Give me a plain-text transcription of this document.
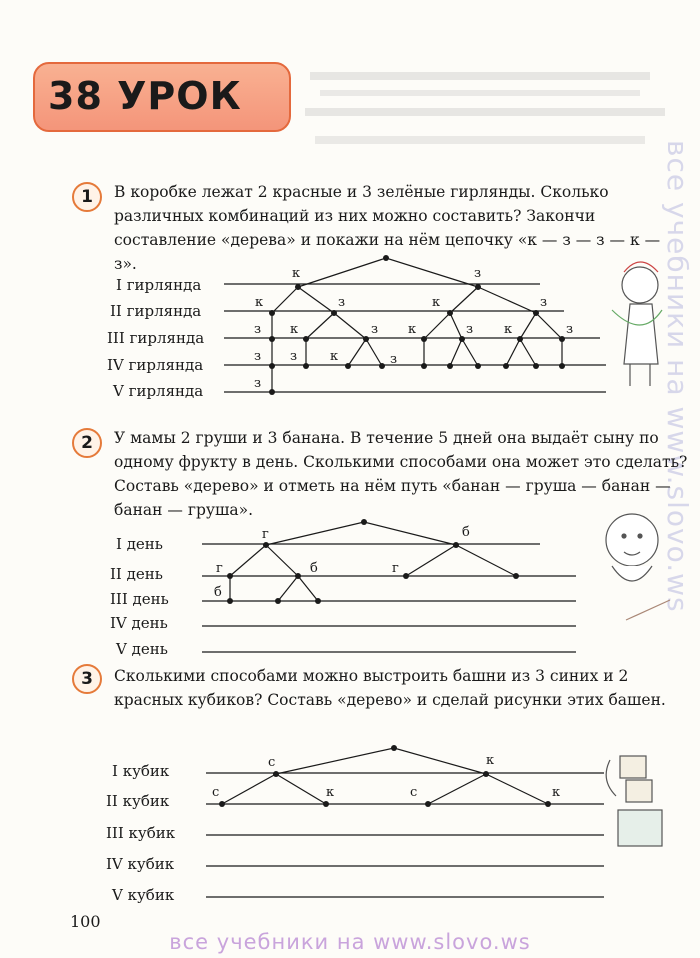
38 УРОК
все учебники на www.slovo.ws
1	В коробке лежат 2 красные и 3 зелёные гирлянды. Сколько различных комбинаций из них можно составить? Закончи составление «дерева» и покажи на нём цепочку «к — з — з — к — з».
I гирлянда
II гирлянда
III гирлянда
IV гирлянда
V гирлянда
2	У мамы 2 груши и 3 банана. В течение 5 дней она выдаёт сыну по одному фрукту в день. Сколькими способами она может это сделать? Составь «дерево» и отметь на нём путь «банан — груша — банан — банан — груша».
I день
II день
III день
IV день
V день
3	Сколькими способами можно выстроить башни из 3 синих и 2 красных кубиков? Составь «дерево» и сделай рисунки этих башен.
I кубик
II кубик
III кубик
IV кубик
V кубик
к	з
к	з	к	з
з к	з к	з к	з
з з	к	з
з
г	б
г	б	г
б
с	к
с	к	с	к
100
все учебники на www.slovo.ws
